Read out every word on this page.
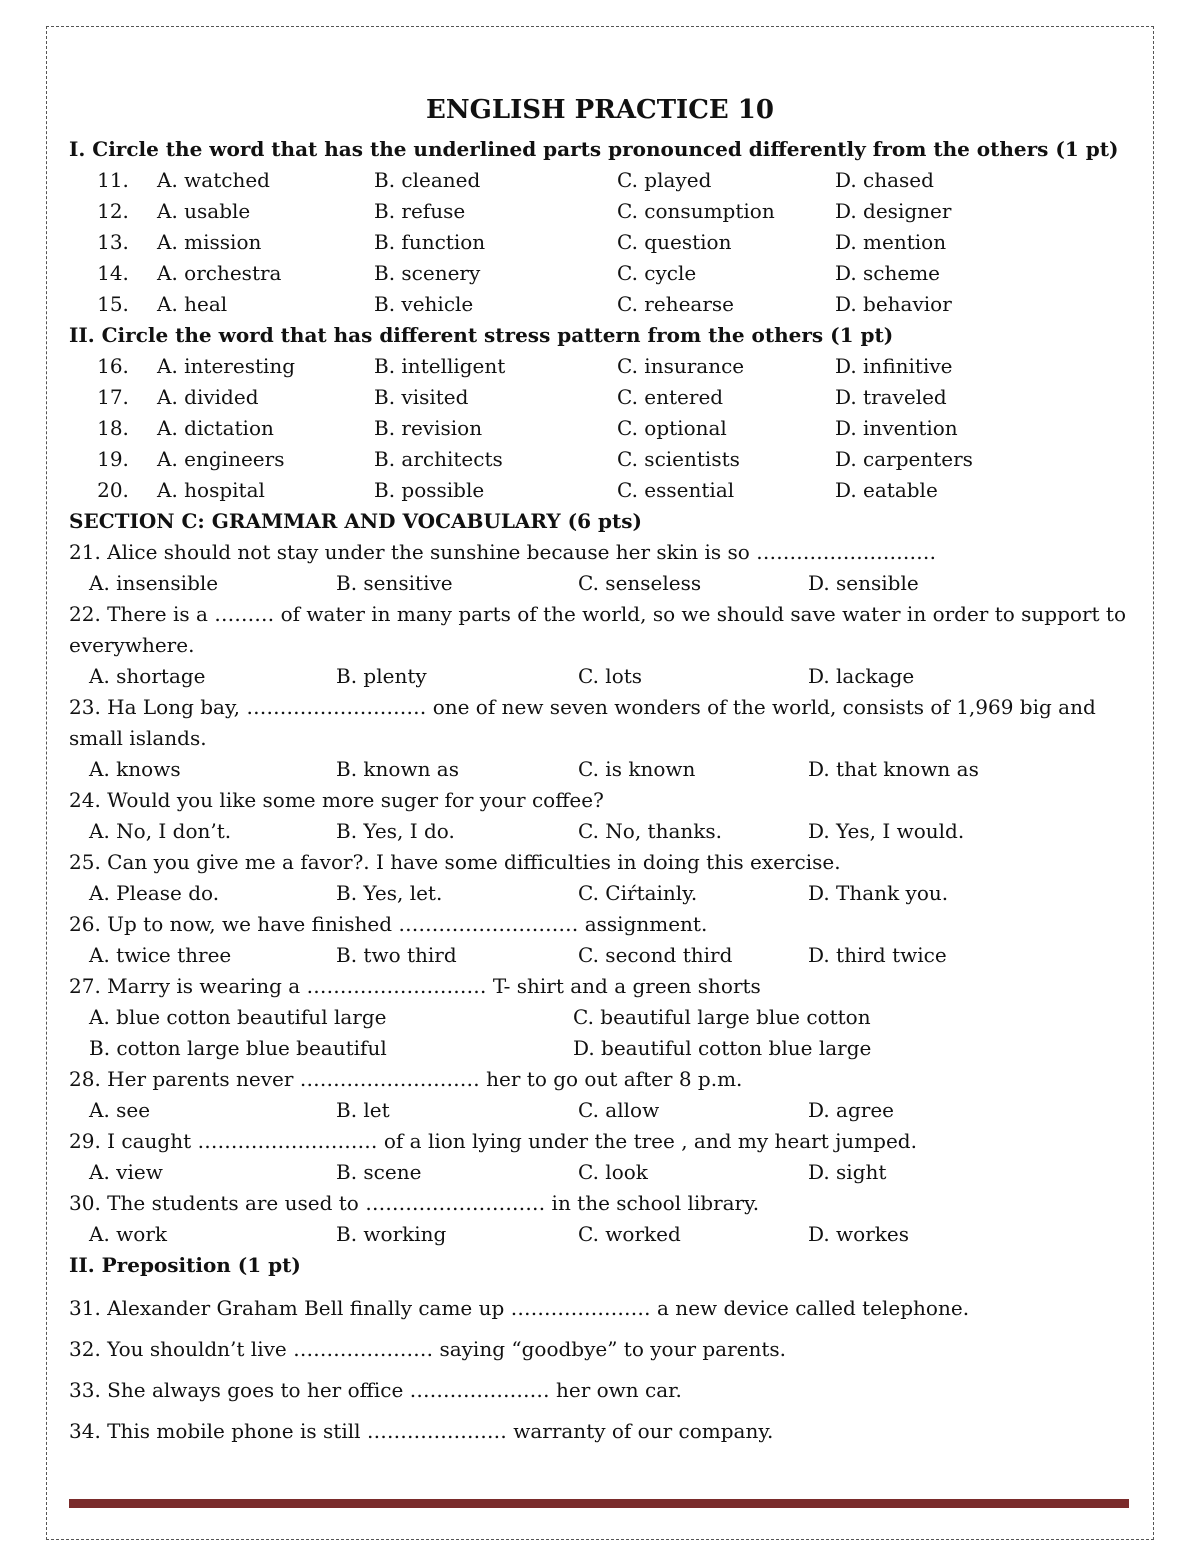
ENGLISH PRACTICE 10
I. Circle the word that has the underlined parts pronounced differently from the others (1 pt)
11.	A. watched	B. cleaned	C. played	D. chased
12.	A. usable	B. refuse	C. consumption	D. designer
13.	A. mission	B. function	C. question	D. mention
14.	A. orchestra	B. scenery	C. cycle	D. scheme
15.	A. heal	B. vehicle	C. rehearse	D. behavior
II. Circle the word that has different stress pattern from the others (1 pt)
16.	A. interesting	B. intelligent	C. insurance	D. infinitive
17.	A. divided	B. visited	C. entered	D. traveled
18.	A. dictation	B. revision	C. optional	D. invention
19.	A. engineers	B. architects	C. scientists	D. carpenters
20.	A. hospital	B. possible	C. essential	D. eatable
SECTION C: GRAMMAR AND VOCABULARY (6 pts)
21. Alice should not stay under the sunshine because her skin is so ………………………
A. insensible	B. sensitive	C. senseless	D. sensible
22. There is a ……… of water in many parts of the world, so we should save water in order to support to everywhere.
A. shortage	B. plenty	C. lots	D. lackage
23. Ha Long bay, ……………………… one of new seven wonders of the world, consists of 1,969 big and small islands.
A. knows	B. known as	C. is known	D. that known as
24. Would you like some more suger for your coffee?
A. No, I don’t.	B. Yes, I do.	C. No, thanks.	D. Yes, I would.
25. Can you give me a favor?. I have some difficulties in doing this exercise.
A. Please do.	B. Yes, let.	C. Ciŕtainly.	D. Thank you.
26. Up to now, we have finished ……………………… assignment.
A. twice three	B. two third	C. second third	D. third twice
27. Marry is wearing a ……………………… T- shirt and a green shorts
A. blue cotton beautiful large	C. beautiful large blue cotton
B. cotton large blue beautiful	D. beautiful cotton blue large
28. Her parents never ……………………… her to go out after 8 p.m.
A. see	B. let	C. allow	D. agree
29. I caught ……………………… of a lion lying under the tree , and my heart jumped.
A. view	B. scene	C. look	D. sight
30. The students are used to ……………………… in the school library.
A. work	B. working	C. worked	D. workes
II. Preposition (1 pt)
31. Alexander Graham Bell finally came up ………………… a new device called telephone.
32. You shouldn’t live ………………… saying “goodbye” to your parents.
33. She always goes to her office ………………… her own car.
34. This mobile phone is still ………………… warranty of our company.
